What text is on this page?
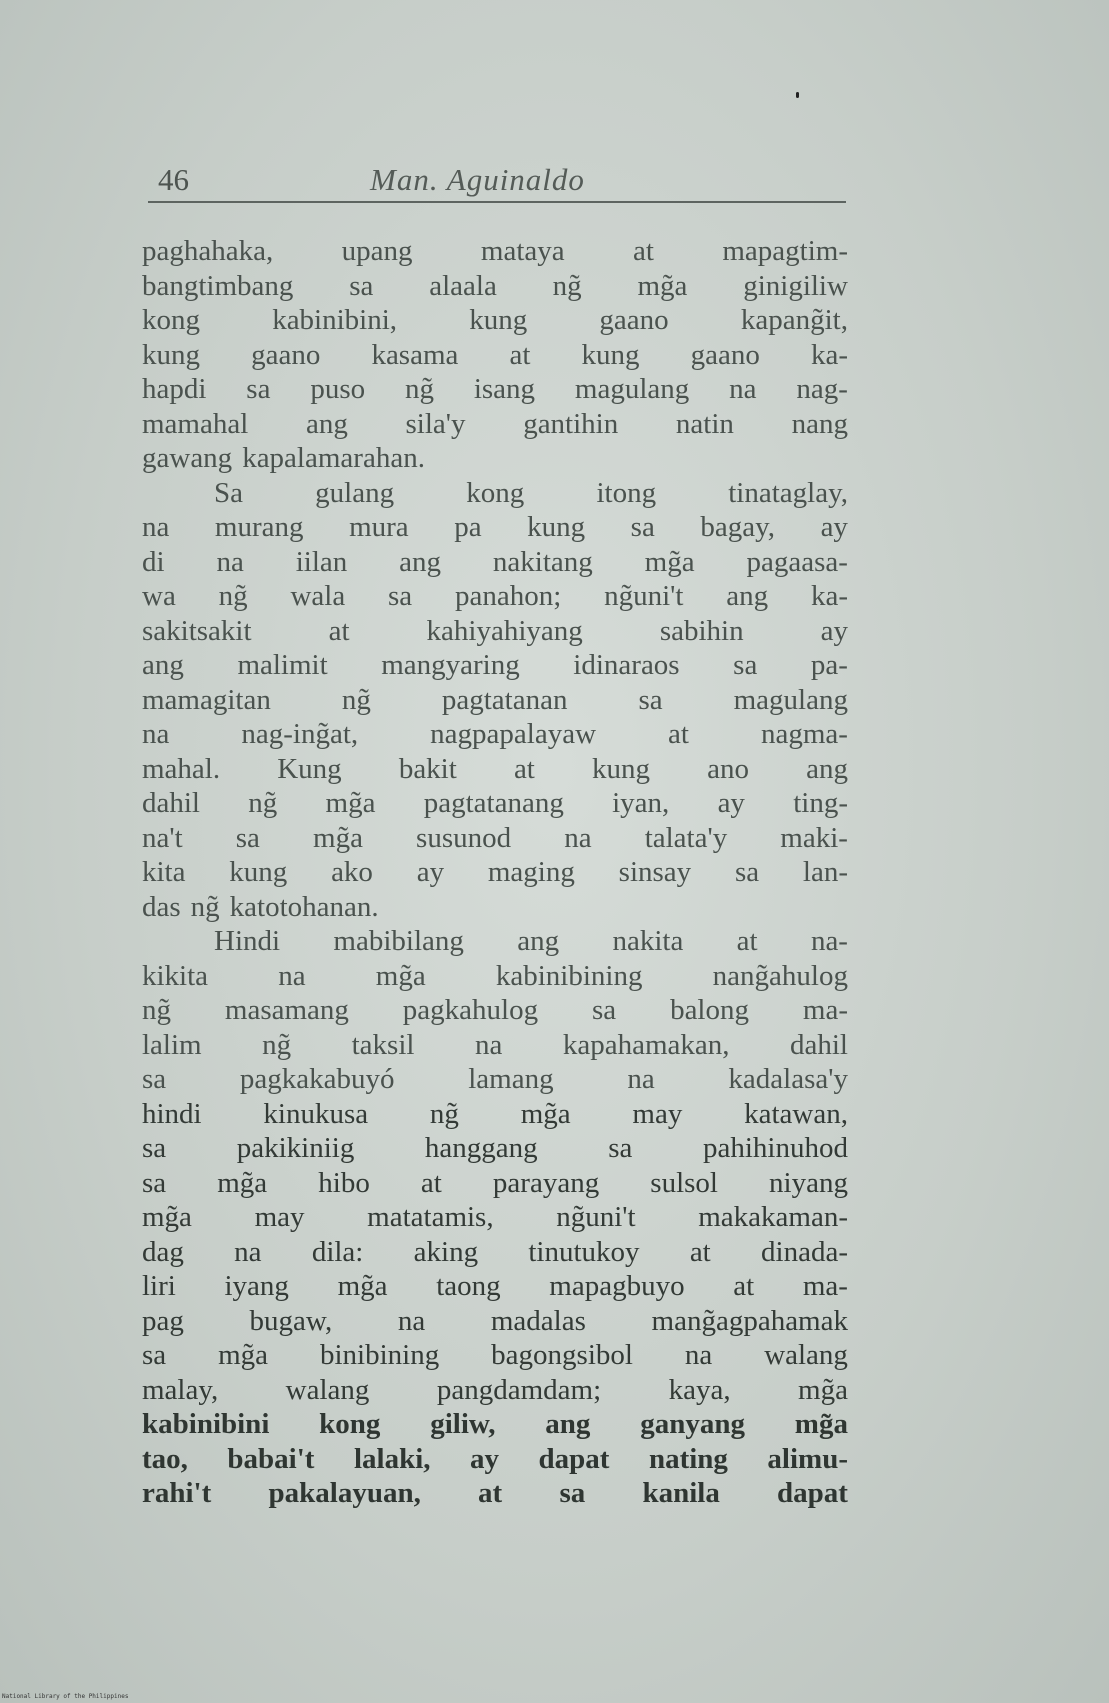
46	Man. Aguinaldo
paghahaka, upang mataya at mapagtim-
bangtimbang sa alaala ng̃ mg̃a ginigiliw
kong kabinibini, kung gaano kapang̃it,
kung gaano kasama at kung gaano ka-
hapdi sa puso ng̃ isang magulang na nag-
mamahal ang sila'y gantihin natin nang
gawang kapalamarahan.
Sa gulang kong itong tinataglay,
na murang mura pa kung sa bagay, ay
di na iilan ang nakitang mg̃a pagaasa-
wa ng̃ wala sa panahon; ng̃uni't ang ka-
sakitsakit	at	kahiyahiyang	sabihin	ay
ang malimit mangyaring idinaraos sa pa-
mamagitan ng̃ pagtatanan sa magulang
na nag-ing̃at, nagpapalayaw at nagma-
mahal. Kung bakit at kung ano ang
dahil ng̃ mg̃a pagtatanang iyan, ay ting-
na't sa mg̃a susunod na talata'y maki-
kita kung ako ay maging sinsay sa lan-
das ng̃ katotohanan.
Hindi mabibilang ang nakita at na-
kikita na mg̃a kabinibining nang̃ahulog
ng̃ masamang pagkahulog sa balong ma-
lalim ng̃ taksil na kapahamakan, dahil
sa	pagkakabuyó	lamang	na	kadalasa'y
hindi kinukusa ng̃ mg̃a may katawan,
sa pakikiniig hanggang sa pahihinuhod
sa mg̃a hibo at parayang sulsol niyang
mg̃a may matatamis, ng̃uni't makakaman-
dag na dila: aking tinutukoy at dinada-
liri iyang mg̃a taong mapagbuyo at ma-
pag bugaw, na madalas mang̃agpahamak
sa mg̃a binibining bagongsibol na walang
malay, walang pangdamdam; kaya, mg̃a
kabinibini kong giliw, ang ganyang mg̃a
tao, babai't lalaki, ay dapat nating alimu-
rahi't pakalayuan, at sa kanila dapat
National Library of the Philippines
